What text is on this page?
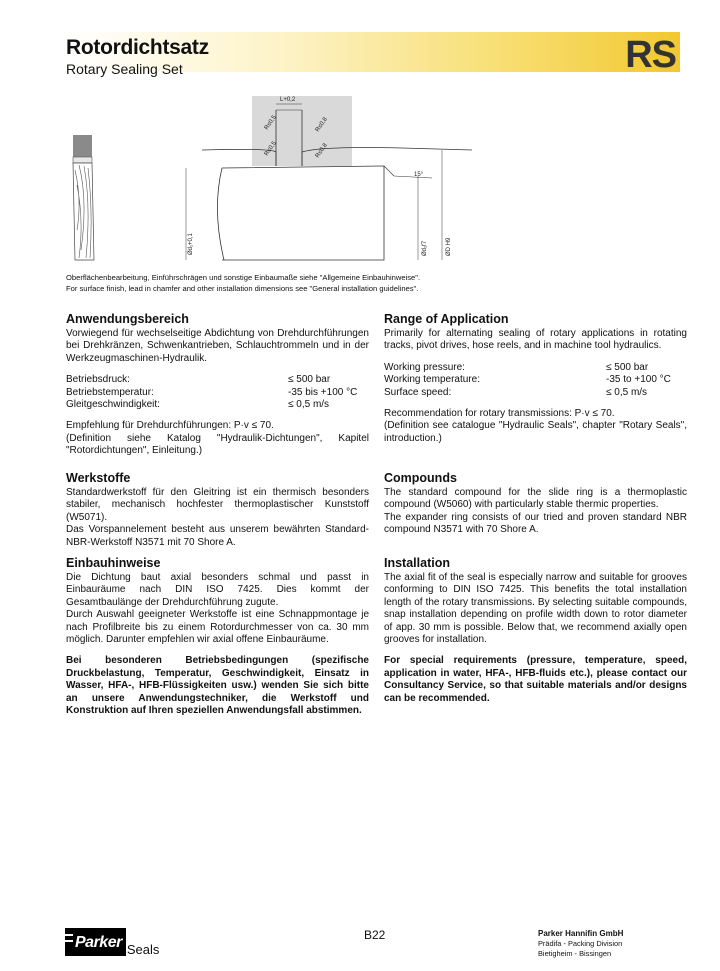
Rotordichtsatz
Rotary Sealing Set	RS
L+0,2
R≤0,5	R≤0,8
R≤0,5	R≤0,8
15°
Ød₁+0,1	Ød₁f7	ØD H9
Oberflächenbearbeitung, Einführschrägen und sonstige Einbaumaße siehe "Allgemeine Einbauhinweise".
For surface finish, lead in chamfer and other installation dimensions see "General installation guidelines".
Anwendungsbereich

Vorwiegend für wechselseitige Abdichtung von Drehdurchführungen bei Drehkränzen, Schwenkantrieben, Schlauchtrommeln und in der Werkzeugmaschinen-Hydraulik.

Betriebsdruck:	≤ 500 bar
Betriebstemperatur:	-35 bis +100 °C
Gleitgeschwindigkeit:	≤ 0,5 m/s

Empfehlung für Drehdurchführungen: P·v ≤ 70.

(Definition siehe Katalog "Hydraulik-Dichtungen", Kapitel "Rotordichtungen", Einleitung.)

Werkstoffe

Standardwerkstoff für den Gleitring ist ein thermisch besonders stabiler, mechanisch hochfester thermoplastischer Kunststoff (W5071).

Das Vorspannelement besteht aus unserem bewährten Standard-NBR-Werkstoff N3571 mit 70 Shore A.

Einbauhinweise

Die Dichtung baut axial besonders schmal und passt in Einbauräume nach DIN ISO 7425. Dies kommt der Gesamtbaulänge der Drehdurchführung zugute.

Durch Auswahl geeigneter Werkstoffe ist eine Schnappmontage je nach Profilbreite bis zu einem Rotordurchmesser von ca. 30 mm möglich. Darunter empfehlen wir axial offene Einbauräume.

Bei besonderen Betriebsbedingungen (spezifische Druckbelastung, Temperatur, Geschwindigkeit, Einsatz in Wasser, HFA-, HFB-Flüssigkeiten usw.) wenden Sie sich bitte an unsere Anwendungstechniker, die Werkstoff und Konstruktion auf Ihren speziellen Anwendungsfall abstimmen.

Range of Application

Primarily for alternating sealing of rotary applications in rotating tracks, pivot drives, hose reels, and in machine tool hydraulics.

Working pressure:	≤ 500 bar
Working temperature:	-35 to +100 °C
Surface speed:	≤ 0,5 m/s

Recommendation for rotary transmissions: P·v ≤ 70.

(Definition see catalogue "Hydraulic Seals", chapter "Rotary Seals", introduction.)

Compounds

The standard compound for the slide ring is a thermoplastic compound (W5060) with particularly stable thermic properties.

The expander ring consists of our tried and proven standard NBR compound N3571 with 70 Shore A.

Installation

The axial fit of the seal is especially narrow and suitable for grooves conforming to DIN ISO 7425. This benefits the total installation length of the rotary transmissions. By selecting suitable compounds, snap installation depending on profile width down to rotor diameter of app. 30 mm is possible. Below that, we recommend axially open grooves for installation.

For special requirements (pressure, temperature, speed, application in water, HFA-, HFB-fluids etc.), please contact our Consultancy Service, so that suitable materials and/or designs can be recommended.

Parker Seals
B22	Parker Hannifin GmbH
Prädifa - Packing Division
Bietigheim - Bissingen
